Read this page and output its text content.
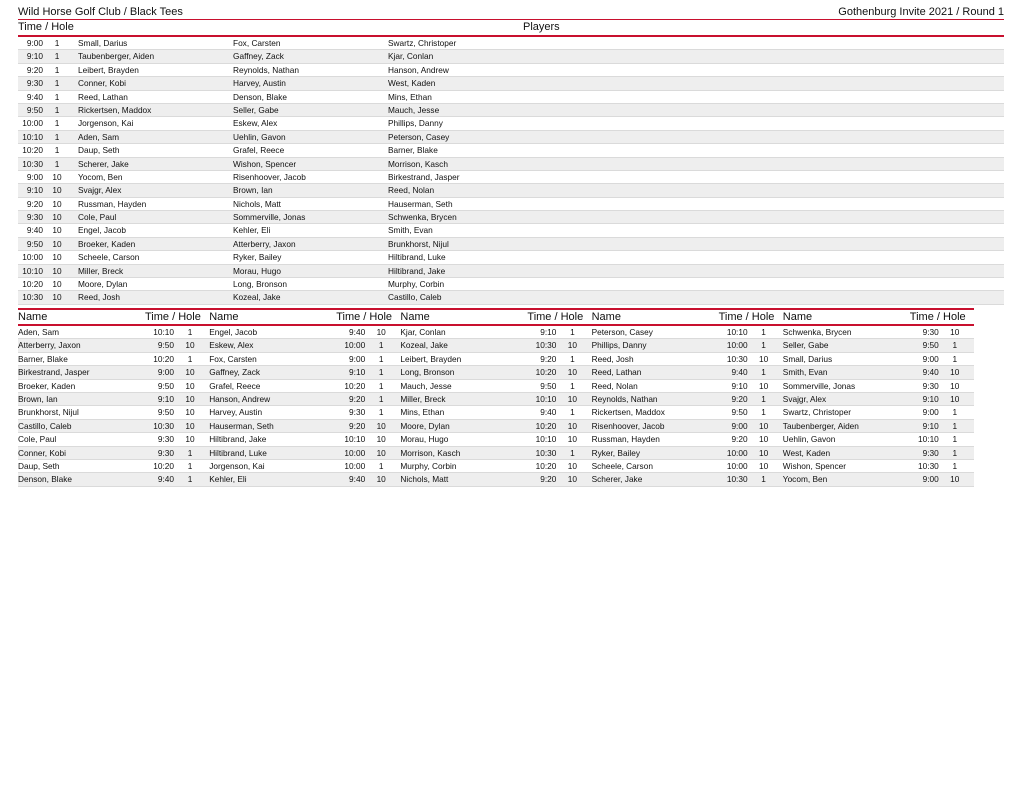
Wild Horse Golf Club / Black Tees	Gothenburg Invite 2021 / Round 1
Time / Hole	Players
9:00	1	Small, Darius	Fox, Carsten	Swartz, Christoper
9:10	1	Taubenberger, Aiden	Gaffney, Zack	Kjar, Conlan
9:20	1	Leibert, Brayden	Reynolds, Nathan	Hanson, Andrew
9:30	1	Conner, Kobi	Harvey, Austin	West, Kaden
9:40	1	Reed, Lathan	Denson, Blake	Mins, Ethan
9:50	1	Rickertsen, Maddox	Seller, Gabe	Mauch, Jesse
10:00	1	Jorgenson, Kai	Eskew, Alex	Phillips, Danny
10:10	1	Aden, Sam	Uehlin, Gavon	Peterson, Casey
10:20	1	Daup, Seth	Grafel, Reece	Barner, Blake
10:30	1	Scherer, Jake	Wishon, Spencer	Morrison, Kasch
9:00	10	Yocom, Ben	Risenhoover, Jacob	Birkestrand, Jasper
9:10	10	Svajgr, Alex	Brown, Ian	Reed, Nolan
9:20	10	Russman, Hayden	Nichols, Matt	Hauserman, Seth
9:30	10	Cole, Paul	Sommerville, Jonas	Schwenka, Brycen
9:40	10	Engel, Jacob	Kehler, Eli	Smith, Evan
9:50	10	Broeker, Kaden	Atterberry, Jaxon	Brunkhorst, Nijul
10:00	10	Scheele, Carson	Ryker, Bailey	Hiltibrand, Luke
10:10	10	Miller, Breck	Morau, Hugo	Hiltibrand, Jake
10:20	10	Moore, Dylan	Long, Bronson	Murphy, Corbin
10:30	10	Reed, Josh	Kozeal, Jake	Castillo, Caleb
Name	Time / Hole Name	Time / Hole Name	Time / Hole Name	Time / Hole Name	Time / Hole
Aden, Sam	10:10	1	Engel, Jacob	9:40	10	Kjar, Conlan	9:10	1	Peterson, Casey	10:10	1	Schwenka, Brycen	9:30	10
Atterberry, Jaxon	9:50	10	Eskew, Alex	10:00	1	Kozeal, Jake	10:30	10	Phillips, Danny	10:00	1	Seller, Gabe	9:50	1
Barner, Blake	10:20	1	Fox, Carsten	9:00	1	Leibert, Brayden	9:20	1	Reed, Josh	10:30	10	Small, Darius	9:00	1
Birkestrand, Jasper	9:00	10	Gaffney, Zack	9:10	1	Long, Bronson	10:20	10	Reed, Lathan	9:40	1	Smith, Evan	9:40	10
Broeker, Kaden	9:50	10	Grafel, Reece	10:20	1	Mauch, Jesse	9:50	1	Reed, Nolan	9:10	10	Sommerville, Jonas	9:30	10
Brown, Ian	9:10	10	Hanson, Andrew	9:20	1	Miller, Breck	10:10	10	Reynolds, Nathan	9:20	1	Svajgr, Alex	9:10	10
Brunkhorst, Nijul	9:50	10	Harvey, Austin	9:30	1	Mins, Ethan	9:40	1	Rickertsen, Maddox	9:50	1	Swartz, Christoper	9:00	1
Castillo, Caleb	10:30	10	Hauserman, Seth	9:20	10	Moore, Dylan	10:20	10	Risenhoover, Jacob	9:00	10	Taubenberger, Aiden	9:10	1
Cole, Paul	9:30	10	Hiltibrand, Jake	10:10	10	Morau, Hugo	10:10	10	Russman, Hayden	9:20	10	Uehlin, Gavon	10:10	1
Conner, Kobi	9:30	1	Hiltibrand, Luke	10:00	10	Morrison, Kasch	10:30	1	Ryker, Bailey	10:00	10	West, Kaden	9:30	1
Daup, Seth	10:20	1	Jorgenson, Kai	10:00	1	Murphy, Corbin	10:20	10	Scheele, Carson	10:00	10	Wishon, Spencer	10:30	1
Denson, Blake	9:40	1	Kehler, Eli	9:40	10	Nichols, Matt	9:20	10	Scherer, Jake	10:30	1	Yocom, Ben	9:00	10
